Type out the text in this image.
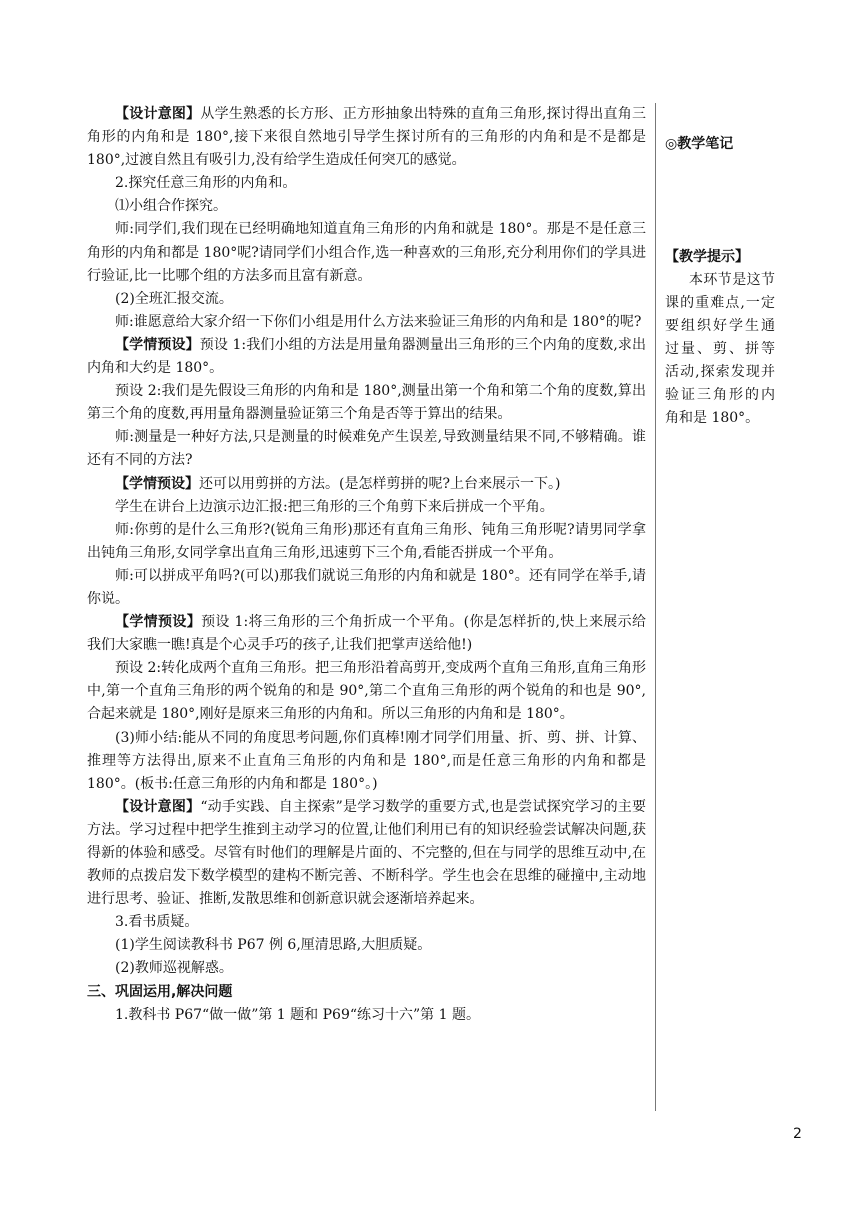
【设计意图】从学生熟悉的长方形、正方形抽象出特殊的直角三角形,探讨得出直角三角形的内角和是 180°,接下来很自然地引导学生探讨所有的三角形的内角和是不是都是 180°,过渡自然且有吸引力,没有给学生造成任何突兀的感觉。

2.探究任意三角形的内角和。

⑴小组合作探究。

师:同学们,我们现在已经明确地知道直角三角形的内角和就是 180°。那是不是任意三角形的内角和都是 180°呢?请同学们小组合作,选一种喜欢的三角形,充分利用你们的学具进行验证,比一比哪个组的方法多而且富有新意。

(2)全班汇报交流。

师:谁愿意给大家介绍一下你们小组是用什么方法来验证三角形的内角和是 180°的呢?

【学情预设】预设 1:我们小组的方法是用量角器测量出三角形的三个内角的度数,求出内角和大约是 180°。

预设 2:我们是先假设三角形的内角和是 180°,测量出第一个角和第二个角的度数,算出第三个角的度数,再用量角器测量验证第三个角是否等于算出的结果。

师:测量是一种好方法,只是测量的时候难免产生误差,导致测量结果不同,不够精确。谁还有不同的方法?

【学情预设】还可以用剪拼的方法。(是怎样剪拼的呢?上台来展示一下。)

学生在讲台上边演示边汇报:把三角形的三个角剪下来后拼成一个平角。

师:你剪的是什么三角形?(锐角三角形)那还有直角三角形、钝角三角形呢?请男同学拿出钝角三角形,女同学拿出直角三角形,迅速剪下三个角,看能否拼成一个平角。

师:可以拼成平角吗?(可以)那我们就说三角形的内角和就是 180°。还有同学在举手,请你说。

【学情预设】预设 1:将三角形的三个角折成一个平角。(你是怎样折的,快上来展示给我们大家瞧一瞧!真是个心灵手巧的孩子,让我们把掌声送给他!)

预设 2:转化成两个直角三角形。把三角形沿着高剪开,变成两个直角三角形,直角三角形中,第一个直角三角形的两个锐角的和是 90°,第二个直角三角形的两个锐角的和也是 90°,合起来就是 180°,刚好是原来三角形的内角和。所以三角形的内角和是 180°。

(3)师小结:能从不同的角度思考问题,你们真棒!刚才同学们用量、折、剪、拼、计算、推理等方法得出,原来不止直角三角形的内角和是 180°,而是任意三角形的内角和都是 180°。(板书:任意三角形的内角和都是 180°。)

【设计意图】“动手实践、自主探索”是学习数学的重要方式,也是尝试探究学习的主要方法。学习过程中把学生推到主动学习的位置,让他们利用已有的知识经验尝试解决问题,获得新的体验和感受。尽管有时他们的理解是片面的、不完整的,但在与同学的思维互动中,在教师的点拨启发下数学模型的建构不断完善、不断科学。学生也会在思维的碰撞中,主动地进行思考、验证、推断,发散思维和创新意识就会逐渐培养起来。

3.看书质疑。

(1)学生阅读教科书 P67 例 6,厘清思路,大胆质疑。

(2)教师巡视解惑。

三、巩固运用,解决问题

1.教科书 P67“做一做”第 1 题和 P69“练习十六”第 1 题。

◎教学笔记
【教学提示】
本环节是这节课的重难点,一定要组织好学生通过量、剪、拼等活动,探索发现并验证三角形的内角和是 180°。
2
